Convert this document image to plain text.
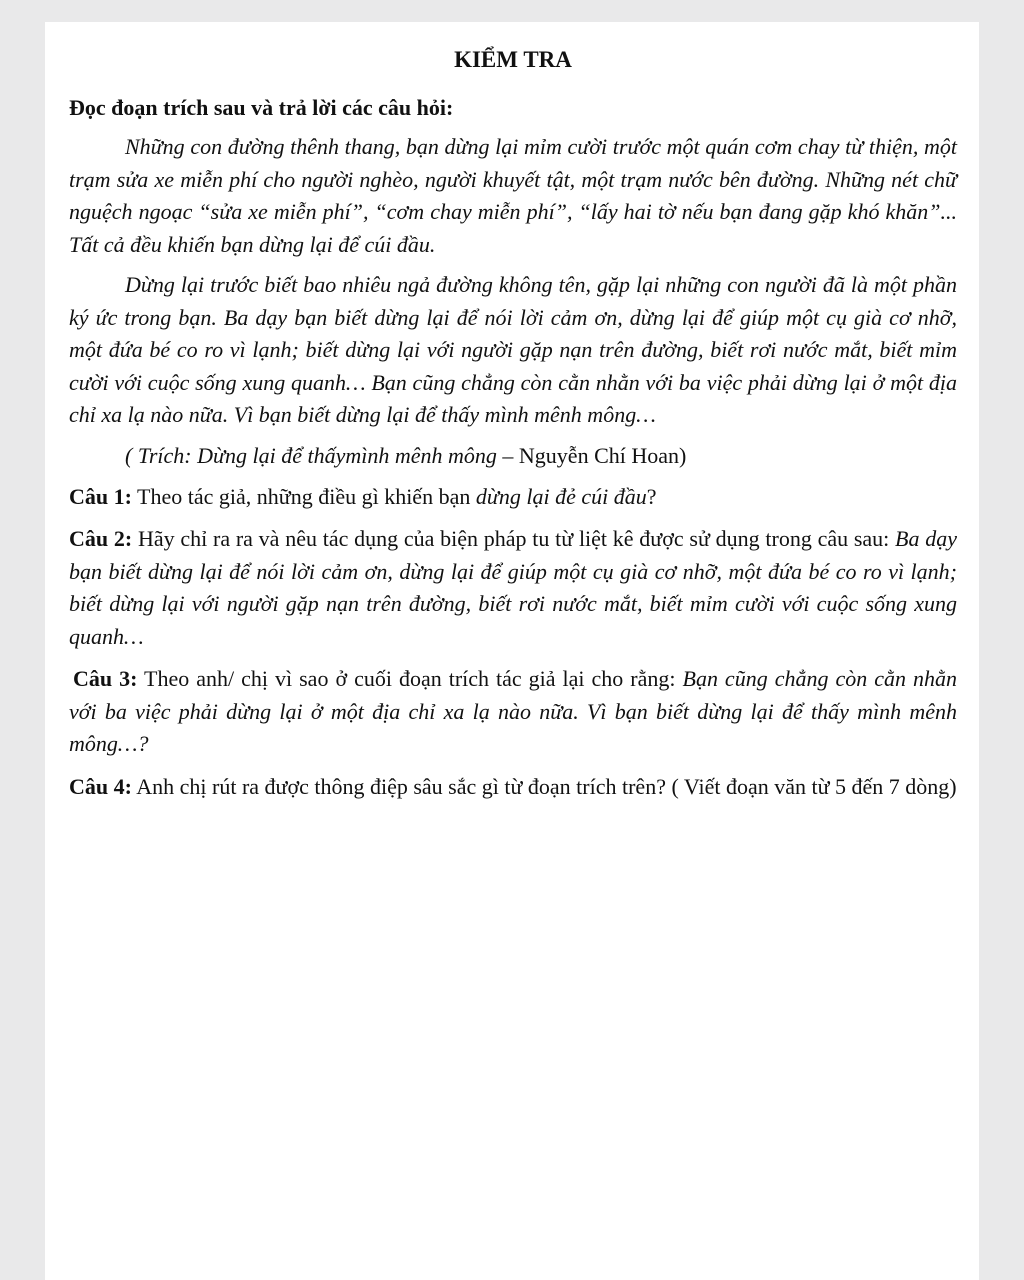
KIỂM TRA
Đọc đoạn trích sau và trả lời các câu hỏi:

Những con đường thênh thang, bạn dừng lại mỉm cười trước một quán cơm chay từ thiện, một trạm sửa xe miễn phí cho người nghèo, người khuyết tật, một trạm nước bên đường. Những nét chữ nguệch ngoạc “sửa xe miễn phí”, “cơm chay miễn phí”, “lấy hai tờ nếu bạn đang gặp khó khăn”... Tất cả đều khiến bạn dừng lại để cúi đầu.

Dừng lại trước biết bao nhiêu ngả đường không tên, gặp lại những con người đã là một phần ký ức trong bạn. Ba dạy bạn biết dừng lại để nói lời cảm ơn, dừng lại để giúp một cụ già cơ nhỡ, một đứa bé co ro vì lạnh; biết dừng lại với người gặp nạn trên đường, biết rơi nước mắt, biết mỉm cười với cuộc sống xung quanh… Bạn cũng chẳng còn cằn nhằn với ba việc phải dừng lại ở một địa chỉ xa lạ nào nữa. Vì bạn biết dừng lại để thấy mình mênh mông…

( Trích: Dừng lại để thấymình mênh mông – Nguyễn Chí Hoan)

Câu 1: Theo tác giả, những điều gì khiến bạn dừng lại đẻ cúi đầu?

Câu 2: Hãy chỉ ra ra và nêu tác dụng của biện pháp tu từ liệt kê được sử dụng trong câu sau: Ba dạy bạn biết dừng lại để nói lời cảm ơn, dừng lại để giúp một cụ già cơ nhỡ, một đứa bé co ro vì lạnh; biết dừng lại với người gặp nạn trên đường, biết rơi nước mắt, biết mỉm cười với cuộc sống xung quanh…

Câu 3: Theo anh/ chị vì sao ở cuối đoạn trích tác giả lại cho rằng: Bạn cũng chẳng còn cằn nhằn với ba việc phải dừng lại ở một địa chỉ xa lạ nào nữa. Vì bạn biết dừng lại để thấy mình mênh mông…?

Câu 4: Anh chị rút ra được thông điệp sâu sắc gì từ đoạn trích trên? ( Viết đoạn văn từ 5 đến 7 dòng)
